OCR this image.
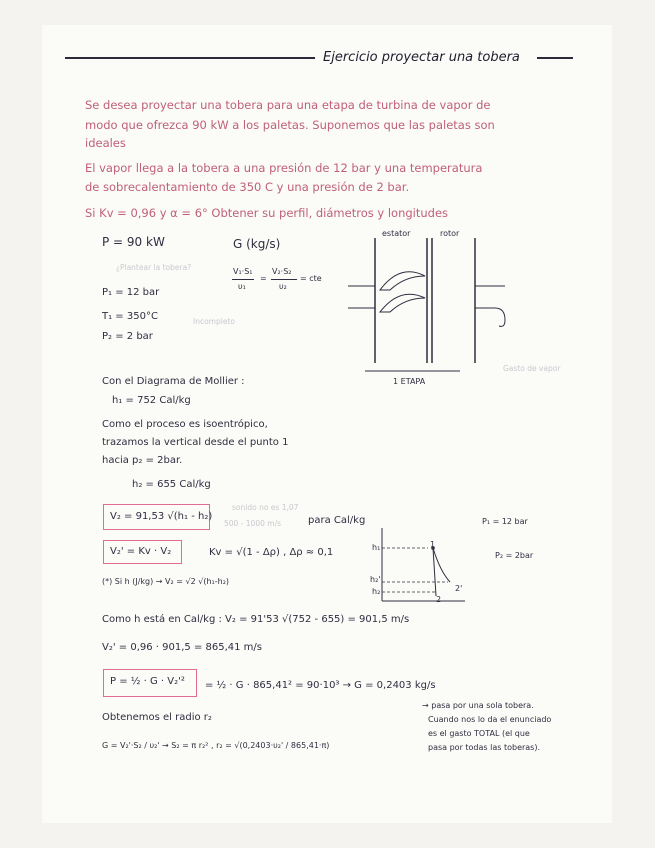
Ejercicio proyectar una tobera
Se desea proyectar una tobera para una etapa de turbina de vapor de
modo que ofrezca 90 kW a los paletas. Suponemos que las paletas son
ideales
El vapor llega a la tobera a una presión de 12 bar y una temperatura
de sobrecalentamiento de 350 C y una presión de 2 bar.
Si Kv = 0,96 y α = 6° Obtener su perfil, diámetros y longitudes
P = 90 kW	G (kg/s)
P₁ = 12 bar
T₁ = 350°C
P₂ = 2 bar
V₁·S₁
υ₁
=
V₂·S₂
υ₂
= cte
estator	rotor
1 ETAPA
Con el Diagrama de Mollier :
h₁ = 752 Cal/kg
Como el proceso es isoentrópico,
trazamos la vertical desde el punto 1
hacia p₂ = 2bar.
h₂ = 655 Cal/kg
V₂ = 91,53 √(h₁ - h₂)	para Cal/kg
V₂' = Kv · V₂	Kv = √(1 - Δρ) , Δρ ≈ 0,1
(*) Si h (J/kg) → V₂ = √2 √(h₁-h₂)
h₁
h₂'
h₂
1
2
2'
P₁ = 12 bar
P₂ = 2bar
Como h está en Cal/kg : V₂ = 91'53 √(752 - 655) = 901,5 m/s
V₂' = 0,96 · 901,5 = 865,41 m/s
P = ½ · G · V₂'² = ½ · G · 865,41² = 90·10³ → G = 0,2403 kg/s
Obtenemos el radio r₂
G = V₂'·S₂ / υ₂' → S₂ = π r₂² , r₂ = √(0,2403·υ₂' / 865,41·π)
→ pasa por una sola tobera.
Cuando nos lo da el enunciado
es el gasto TOTAL (el que
pasa por todas las toberas).
500 - 1000 m/s
Gasto de vapor
sonido no es 1,07
Incompleto
¿Plantear la tobera?
